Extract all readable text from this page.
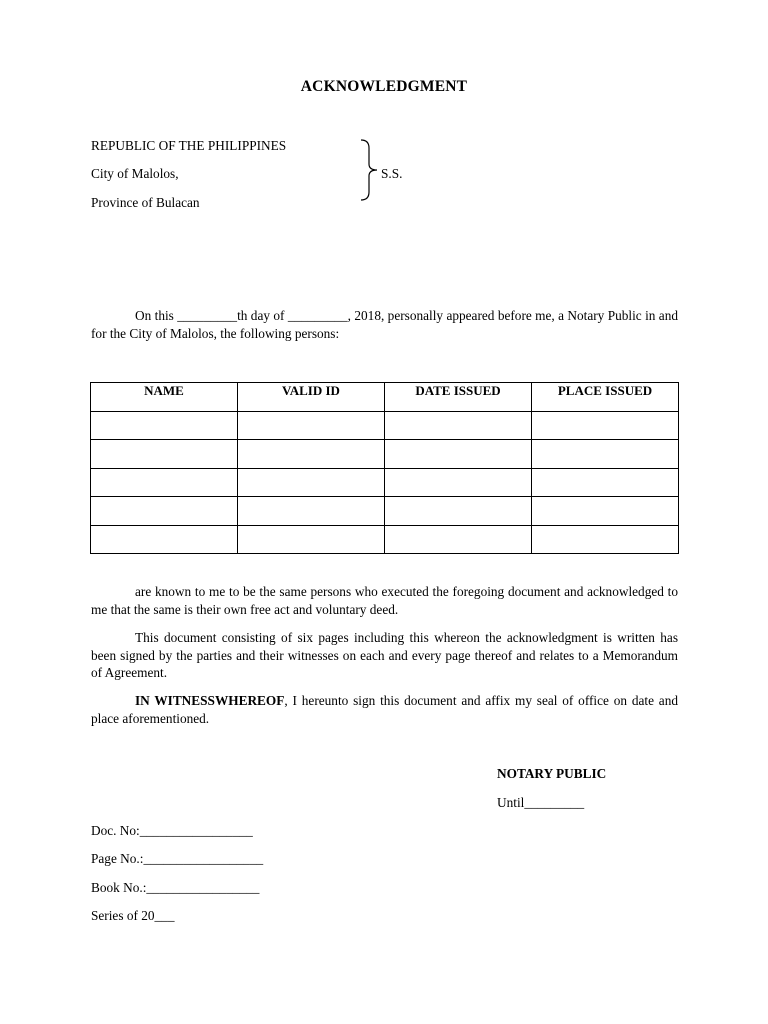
ACKNOWLEDGMENT
REPUBLIC OF THE PHILIPPINES
City of Malolos,
Province of Bulacan
S.S.

On this _________th day of _________, 2018, personally appeared before me, a Notary Public in and for the City of Malolos, the following persons:

NAME	VALID ID	DATE ISSUED	PLACE ISSUED

are known to me to be the same persons who executed the foregoing document and acknowledged to me that the same is their own free act and voluntary deed.

This document consisting of six pages including this whereon the acknowledgment is written has been signed by the parties and their witnesses on each and every page thereof and relates to a Memorandum of Agreement.

IN WITNESSWHEREOF, I hereunto sign this document and affix my seal of office on date and place aforementioned.

NOTARY PUBLIC
Until_________
Doc. No:_________________
Page No.:__________________
Book No.:_________________
Series of 20___
